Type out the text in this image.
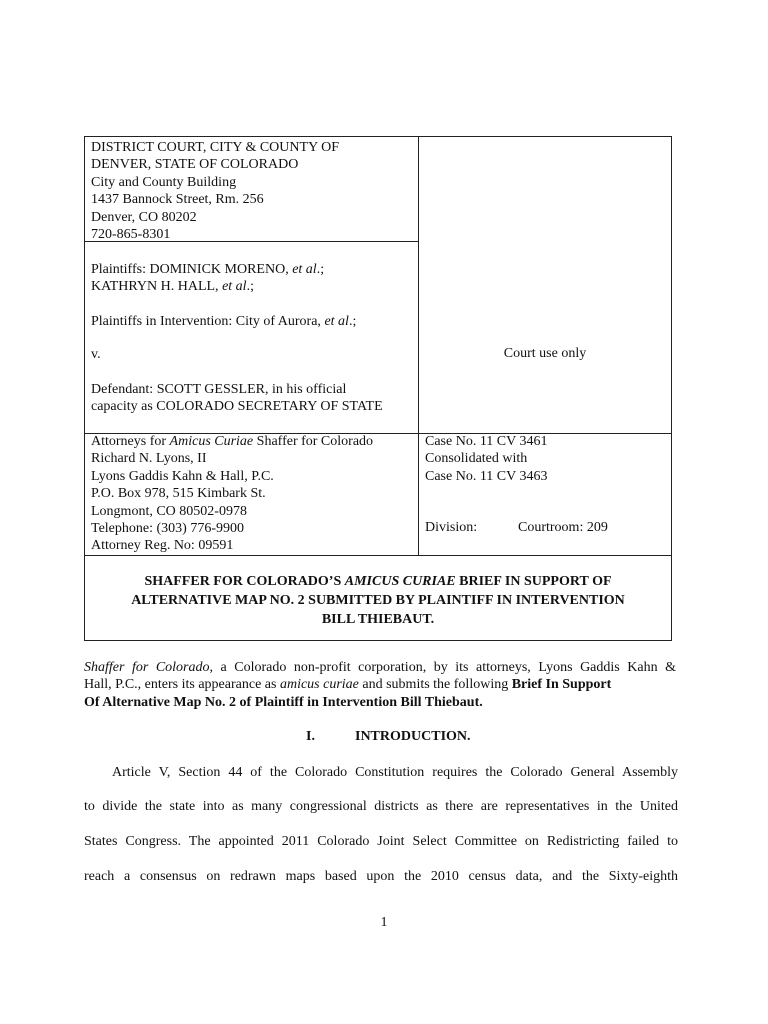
DISTRICT COURT, CITY & COUNTY OF
DENVER, STATE OF COLORADO
City and County Building
1437 Bannock Street, Rm. 256
Denver, CO 80202
720-865-8301
Plaintiffs: DOMINICK MORENO, et al.;
KATHRYN H. HALL, et al.;
Plaintiffs in Intervention: City of Aurora, et al.;
v.
Defendant: SCOTT GESSLER, in his official
capacity as COLORADO SECRETARY OF STATE
Court use only
Attorneys for Amicus Curiae Shaffer for Colorado
Richard N. Lyons, II
Lyons Gaddis Kahn & Hall, P.C.
P.O. Box 978, 515 Kimbark St.
Longmont, CO 80502-0978
Telephone: (303) 776-9900
Attorney Reg. No: 09591
Case No. 11 CV 3461
Consolidated with
Case No. 11 CV 3463
Division:	Courtroom: 209
SHAFFER FOR COLORADO’S AMICUS CURIAE BRIEF IN SUPPORT OF
ALTERNATIVE MAP NO. 2 SUBMITTED BY PLAINTIFF IN INTERVENTION
BILL THIEBAUT.
Shaffer for Colorado, a Colorado non-profit corporation, by its attorneys, Lyons Gaddis Kahn &
Hall, P.C., enters its appearance as amicus curiae and submits the following Brief In Support
Of Alternative Map No. 2 of Plaintiff in Intervention Bill Thiebaut.
I.	INTRODUCTION.
Article V, Section 44 of the Colorado Constitution requires the Colorado General Assembly
to divide the state into as many congressional districts as there are representatives in the United
States Congress. The appointed 2011 Colorado Joint Select Committee on Redistricting failed to
reach a consensus on redrawn maps based upon the 2010 census data, and the Sixty-eighth
1
